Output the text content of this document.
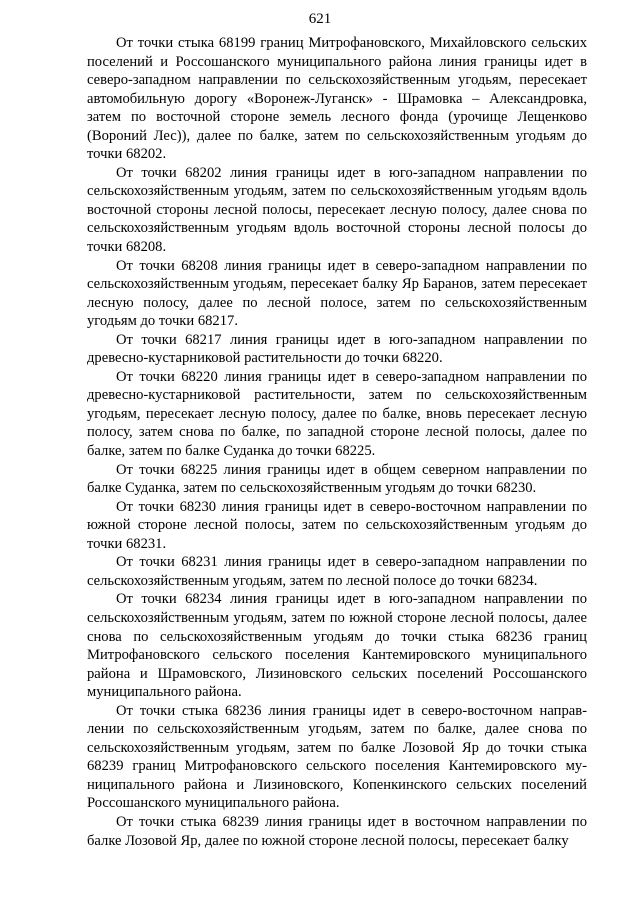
621

От точки стыка 68199 границ Митрофановского, Михайловского сельских поселений и Россошанского муниципального района линия границы идет в северо-западном направлении по сельскохозяйственным угодьям, пересекает автомобильную дорогу «Воронеж-Луганск» - Шрамовка – Александровка, затем по восточной стороне земель лесного фонда (урочище Лещенково (Вороний Лес)), далее по балке, затем по сельскохозяйственным угодьям до точки 68202.

От точки 68202 линия границы идет в юго-западном направлении по сельскохозяйственным угодьям, затем по сельскохозяйственным угодьям вдоль восточной стороны лесной полосы, пересекает лесную полосу, далее снова по сельскохозяйственным угодьям вдоль восточной стороны лесной полосы до точки 68208.

От точки 68208 линия границы идет в северо-западном направлении по сельскохозяйственным угодьям, пересекает балку Яр Баранов, затем пересекает лесную полосу, далее по лесной полосе, затем по сельскохозяйственным угодьям до точки 68217.

От точки 68217 линия границы идет в юго-западном направлении по древесно-кустарниковой растительности до точки 68220.

От точки 68220 линия границы идет в северо-западном направлении по древесно-кустарниковой растительности, затем по сельскохозяйственным угодьям, пересекает лесную полосу, далее по балке, вновь пересекает лесную полосу, затем снова по балке, по западной стороне лесной полосы, далее по балке, затем по балке Суданка до точки 68225.

От точки 68225 линия границы идет в общем северном направлении по балке Суданка, затем по сельскохозяйственным угодьям до точки 68230.

От точки 68230 линия границы идет в северо-восточном направлении по южной стороне лесной полосы, затем по сельскохозяйственным угодьям до точки 68231.

От точки 68231 линия границы идет в северо-западном направлении по сельскохозяйственным угодьям, затем по лесной полосе до точки 68234.

От точки 68234 линия границы идет в юго-западном направлении по сельскохозяйственным угодьям, затем по южной стороне лесной полосы, далее снова по сельскохозяйственным угодьям до точки стыка 68236 границ Митрофановского сельского поселения Кантемировского муниципального района и Шрамовского, Лизиновского сельских поселений Россошанского муниципального района.

От точки стыка 68236 линия границы идет в северо-восточном направлении по сельскохозяйственным угодьям, затем по балке, далее снова по сельскохозяйственным угодьям, затем по балке Лозовой Яр до точки стыка 68239 границ Митрофановского сельского поселения Кантемировского муниципального района и Лизиновского, Копенкинского сельских поселений Россошанского муниципального района.

От точки стыка 68239 линия границы идет в восточном направлении по балке Лозовой Яр, далее по южной стороне лесной полосы, пересекает балку
